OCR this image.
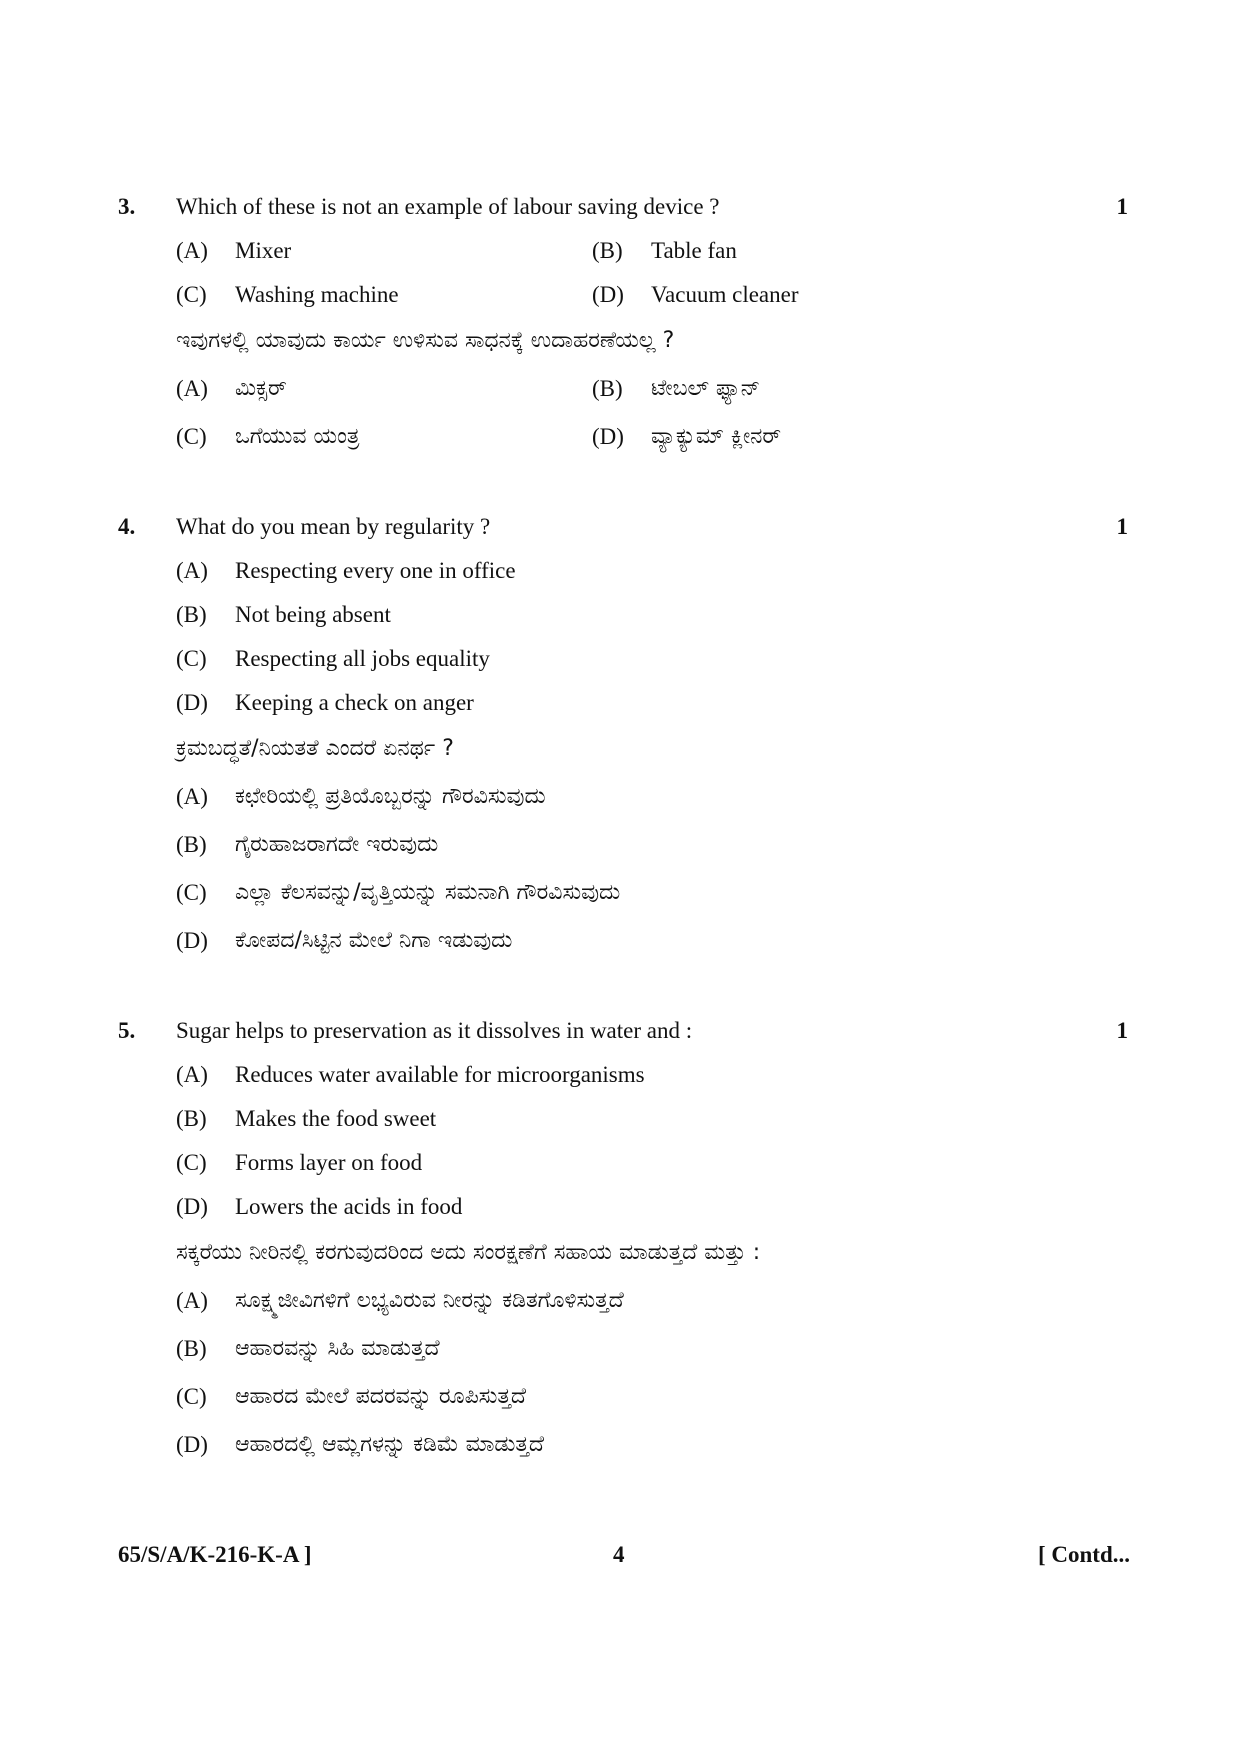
3. Which of these is not an example of labour saving device ?	1
(A) Mixer	(B) Table fan
(C) Washing machine	(D) Vacuum cleaner
ಇವುಗಳಲ್ಲಿ ಯಾವುದು ಕಾರ್ಯ ಉಳಿಸುವ ಸಾಧನಕ್ಕೆ ಉದಾಹರಣೆಯಲ್ಲ ?
(A) ಮಿಕ್ಸರ್	(B) ಟೇಬಲ್ ಫ್ಯಾನ್
(C) ಒಗೆಯುವ ಯಂತ್ರ	(D) ವ್ಯಾಕ್ಯುಮ್ ಕ್ಲೀನರ್
4. What do you mean by regularity ?	1
(A) Respecting every one in office
(B) Not being absent
(C) Respecting all jobs equality
(D) Keeping a check on anger
ಕ್ರಮಬದ್ಧತೆ/ನಿಯತತೆ ಎಂದರೆ ಏನರ್ಥ ?
(A) ಕಛೇರಿಯಲ್ಲಿ ಪ್ರತಿಯೊಬ್ಬರನ್ನು ಗೌರವಿಸುವುದು
(B) ಗೈರುಹಾಜರಾಗದೇ ಇರುವುದು
(C) ಎಲ್ಲಾ ಕೆಲಸವನ್ನು/ವೃತ್ತಿಯನ್ನು ಸಮನಾಗಿ ಗೌರವಿಸುವುದು
(D) ಕೋಪದ/ಸಿಟ್ಟಿನ ಮೇಲೆ ನಿಗಾ ಇಡುವುದು
5. Sugar helps to preservation as it dissolves in water and :	1
(A) Reduces water available for microorganisms
(B) Makes the food sweet
(C) Forms layer on food
(D) Lowers the acids in food
ಸಕ್ಕರೆಯು ನೀರಿನಲ್ಲಿ ಕರಗುವುದರಿಂದ ಅದು ಸಂರಕ್ಷಣೆಗೆ ಸಹಾಯ ಮಾಡುತ್ತದೆ ಮತ್ತು :
(A) ಸೂಕ್ಷ್ಮಜೀವಿಗಳಿಗೆ ಲಭ್ಯವಿರುವ ನೀರನ್ನು ಕಡಿತಗೊಳಿಸುತ್ತದೆ
(B) ಆಹಾರವನ್ನು ಸಿಹಿ ಮಾಡುತ್ತದೆ
(C) ಆಹಾರದ ಮೇಲೆ ಪದರವನ್ನು ರೂಪಿಸುತ್ತದೆ
(D) ಆಹಾರದಲ್ಲಿ ಆಮ್ಲಗಳನ್ನು ಕಡಿಮೆ ಮಾಡುತ್ತದೆ
65/S/A/K-216-K-A ]	4	[ Contd...
